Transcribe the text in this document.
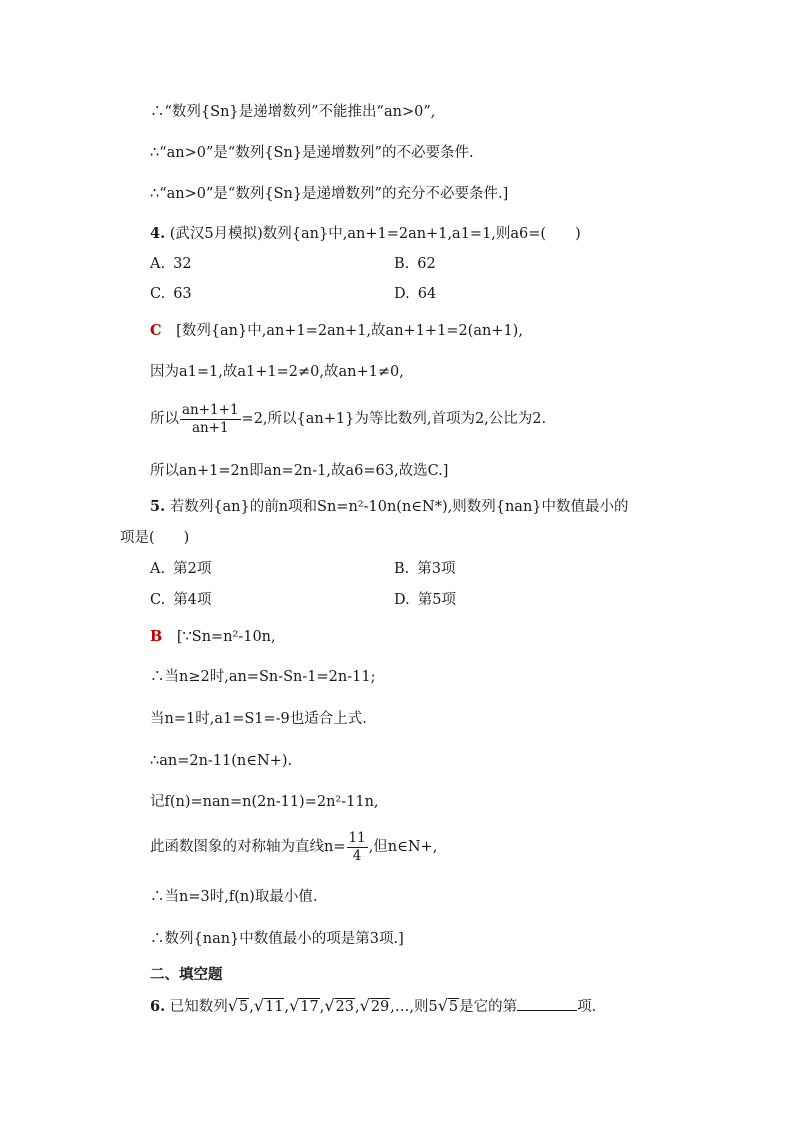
∴“数列{Sn}是递增数列”不能推出“an>0”,
∴“an>0”是“数列{Sn}是递增数列”的不必要条件.
∴“an>0”是“数列{Sn}是递增数列”的充分不必要条件.]
4. (武汉5月模拟)数列{an}中,an+1=2an+1,a1=1,则a6=(　　)
A. 32	B. 62
C. 63	D. 64
C [数列{an}中,an+1=2an+1,故an+1+1=2(an+1),
因为a1=1,故a1+1=2≠0,故an+1≠0,
所以 $\frac{an+1+1}{an+1} =2$,所以{an+1}为等比数列,首项为2,公比为2.
所以an+1=2n即an=2n-1,故a6=63,故选C.]
5. 若数列{an}的前n项和Sn=n²-10n(n∈N*),则数列{nan}中数值最小的
项是(　　)
A. 第2项	B. 第3项
C. 第4项	D. 第5项
B [∵Sn=n²-10n,
∴当n≥2时,an=Sn-Sn-1=2n-11;
当n=1时,a1=S1=-9也适合上式.
∴an=2n-11(n∈N+).
记f(n)=nan=n(2n-11)=2n²-11n,
此函数图象的对称轴为直线$n= \frac{11}{4}$ ,但n∈N+,
∴当n=3时,f(n)取最小值.
∴数列{nan}中数值最小的项是第3项.]
二、填空题
6. 已知数列√5,√11,√17,√23,√29,…,则5√5是它的第	项.
